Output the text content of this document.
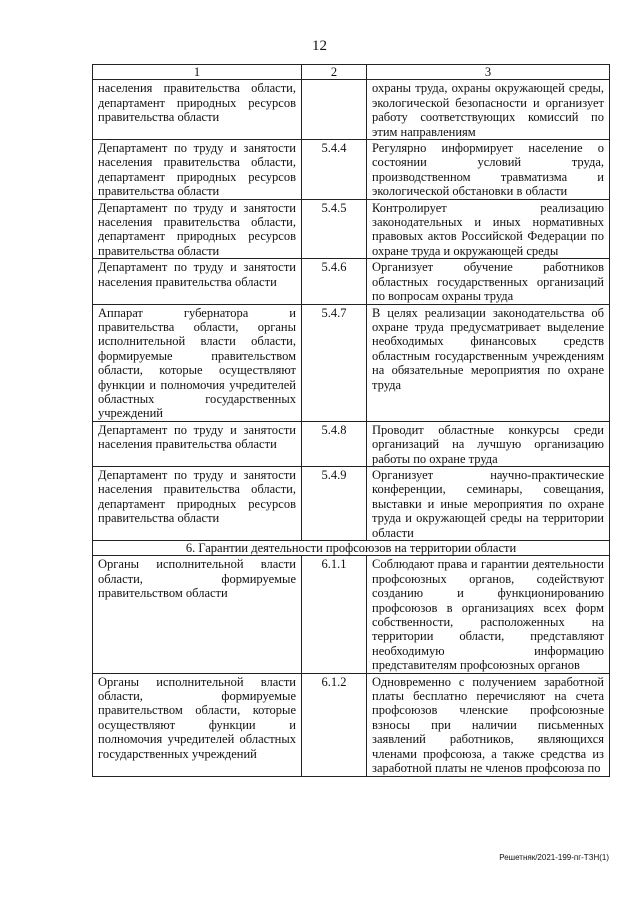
12
1	2	3
населения правительства области, департамент природных ресурсов правительства области		охраны труда, охраны окружающей среды, экологической безопасности и организует работу соответствующих комиссий по этим направлениям
Департамент по труду и занятости населения правительства области, департамент природных ресурсов правительства области	5.4.4	Регулярно информирует население о состоянии условий труда, производственном травматизма и экологической обстановки в области
Департамент по труду и занятости населения правительства области, департамент природных ресурсов правительства области	5.4.5	Контролирует реализацию законодательных и иных нормативных правовых актов Российской Федерации по охране труда и окружающей среды
Департамент по труду и занятости населения правительства области	5.4.6	Организует обучение работников областных государственных организаций по вопросам охраны труда
Аппарат губернатора и правительства области, органы исполнительной власти области, формируемые правительством области, которые осуществляют функции и полномочия учредителей областных государственных учреждений	5.4.7	В целях реализации законодательства об охране труда предусматривает выделение необходимых финансовых средств областным государственным учреждениям на обязательные мероприятия по охране труда
Департамент по труду и занятости населения правительства области	5.4.8	Проводит областные конкурсы среди организаций на лучшую организацию работы по охране труда
Департамент по труду и занятости населения правительства области, департамент природных ресурсов правительства области	5.4.9	Организует научно-практические конференции, семинары, совещания, выставки и иные мероприятия по охране труда и окружающей среды на территории области
6. Гарантии деятельности профсоюзов на территории области		
Органы исполнительной власти области, формируемые правительством области	6.1.1	Соблюдают права и гарантии деятельности профсоюзных органов, содействуют созданию и функционированию профсоюзов в организациях всех форм собственности, расположенных на территории области, представляют необходимую информацию представителям профсоюзных органов
Органы исполнительной власти области, формируемые правительством области, которые осуществляют функции и полномочия учредителей областных государственных учреждений	6.1.2	Одновременно с получением заработной платы бесплатно перечисляют на счета профсоюзов членские профсоюзные взносы при наличии письменных заявлений работников, являющихся членами профсоюза, а также средства из заработной платы не членов профсоюза по
Решетняк/2021-199-пг-ТЗН(1)
